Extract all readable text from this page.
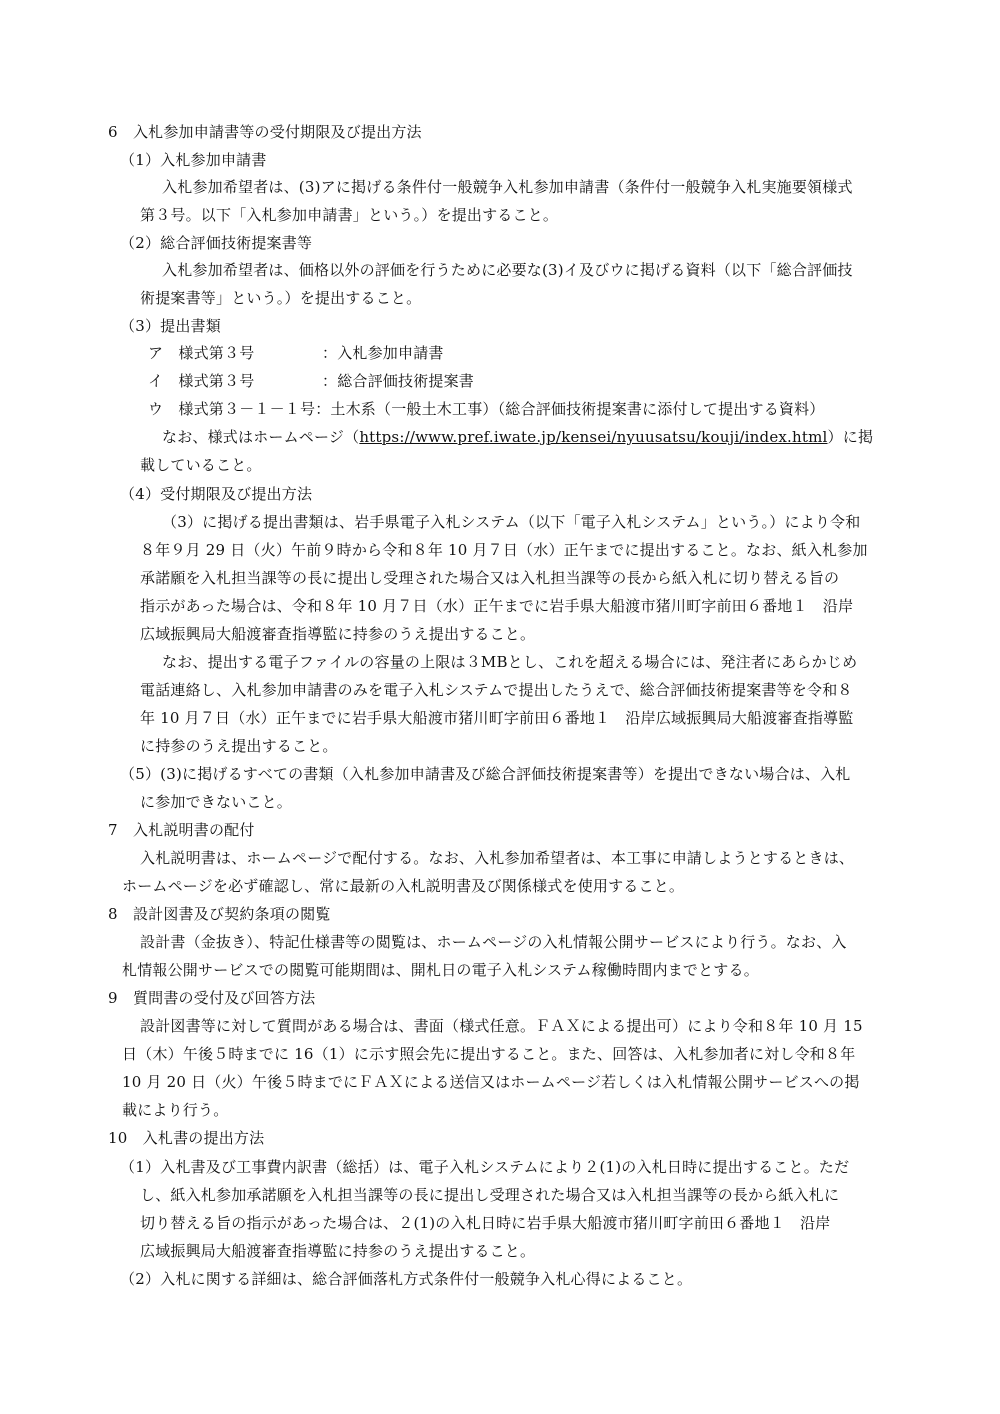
6　入札参加申請書等の受付期限及び提出方法
（1）入札参加申請書
入札参加希望者は、(3)アに掲げる条件付一般競争入札参加申請書（条件付一般競争入札実施要領様式
第３号。以下「入札参加申請書」という。）を提出すること。
（2）総合評価技術提案書等
入札参加希望者は、価格以外の評価を行うために必要な(3)イ及びウに掲げる資料（以下「総合評価技
術提案書等」という。）を提出すること。
（3）提出書類
ア　様式第３号	：入札参加申請書
イ　様式第３号	：総合評価技術提案書
ウ　様式第３－１－１号：土木系（一般土木工事）（総合評価技術提案書に添付して提出する資料）
なお、様式はホームページ（https://www.pref.iwate.jp/kensei/nyuusatsu/kouji/index.html）に掲
載していること。
（4）受付期限及び提出方法
（3）に掲げる提出書類は、岩手県電子入札システム（以下「電子入札システム」という。）により令和
８年９月 29 日（火）午前９時から令和８年 10 月７日（水）正午までに提出すること。なお、紙入札参加
承諾願を入札担当課等の長に提出し受理された場合又は入札担当課等の長から紙入札に切り替える旨の
指示があった場合は、令和８年 10 月７日（水）正午までに岩手県大船渡市猪川町字前田６番地１　沿岸
広域振興局大船渡審査指導監に持参のうえ提出すること。
なお、提出する電子ファイルの容量の上限は３MBとし、これを超える場合には、発注者にあらかじめ
電話連絡し、入札参加申請書のみを電子入札システムで提出したうえで、総合評価技術提案書等を令和８
年 10 月７日（水）正午までに岩手県大船渡市猪川町字前田６番地１　沿岸広域振興局大船渡審査指導監
に持参のうえ提出すること。
（5）(3)に掲げるすべての書類（入札参加申請書及び総合評価技術提案書等）を提出できない場合は、入札
に参加できないこと。
7　入札説明書の配付
入札説明書は、ホームページで配付する。なお、入札参加希望者は、本工事に申請しようとするときは、
ホームページを必ず確認し、常に最新の入札説明書及び関係様式を使用すること。
8　設計図書及び契約条項の閲覧
設計書（金抜き）、特記仕様書等の閲覧は、ホームページの入札情報公開サービスにより行う。なお、入
札情報公開サービスでの閲覧可能期間は、開札日の電子入札システム稼働時間内までとする。
9　質問書の受付及び回答方法
設計図書等に対して質問がある場合は、書面（様式任意。ＦＡＸによる提出可）により令和８年 10 月 15
日（木）午後５時までに 16（1）に示す照会先に提出すること。また、回答は、入札参加者に対し令和８年
10 月 20 日（火）午後５時までにＦＡＸによる送信又はホームページ若しくは入札情報公開サービスへの掲
載により行う。
10　入札書の提出方法
（1）入札書及び工事費内訳書（総括）は、電子入札システムにより２(1)の入札日時に提出すること。ただ
し、紙入札参加承諾願を入札担当課等の長に提出し受理された場合又は入札担当課等の長から紙入札に
切り替える旨の指示があった場合は、２(1)の入札日時に岩手県大船渡市猪川町字前田６番地１　沿岸
広域振興局大船渡審査指導監に持参のうえ提出すること。
（2）入札に関する詳細は、総合評価落札方式条件付一般競争入札心得によること。
